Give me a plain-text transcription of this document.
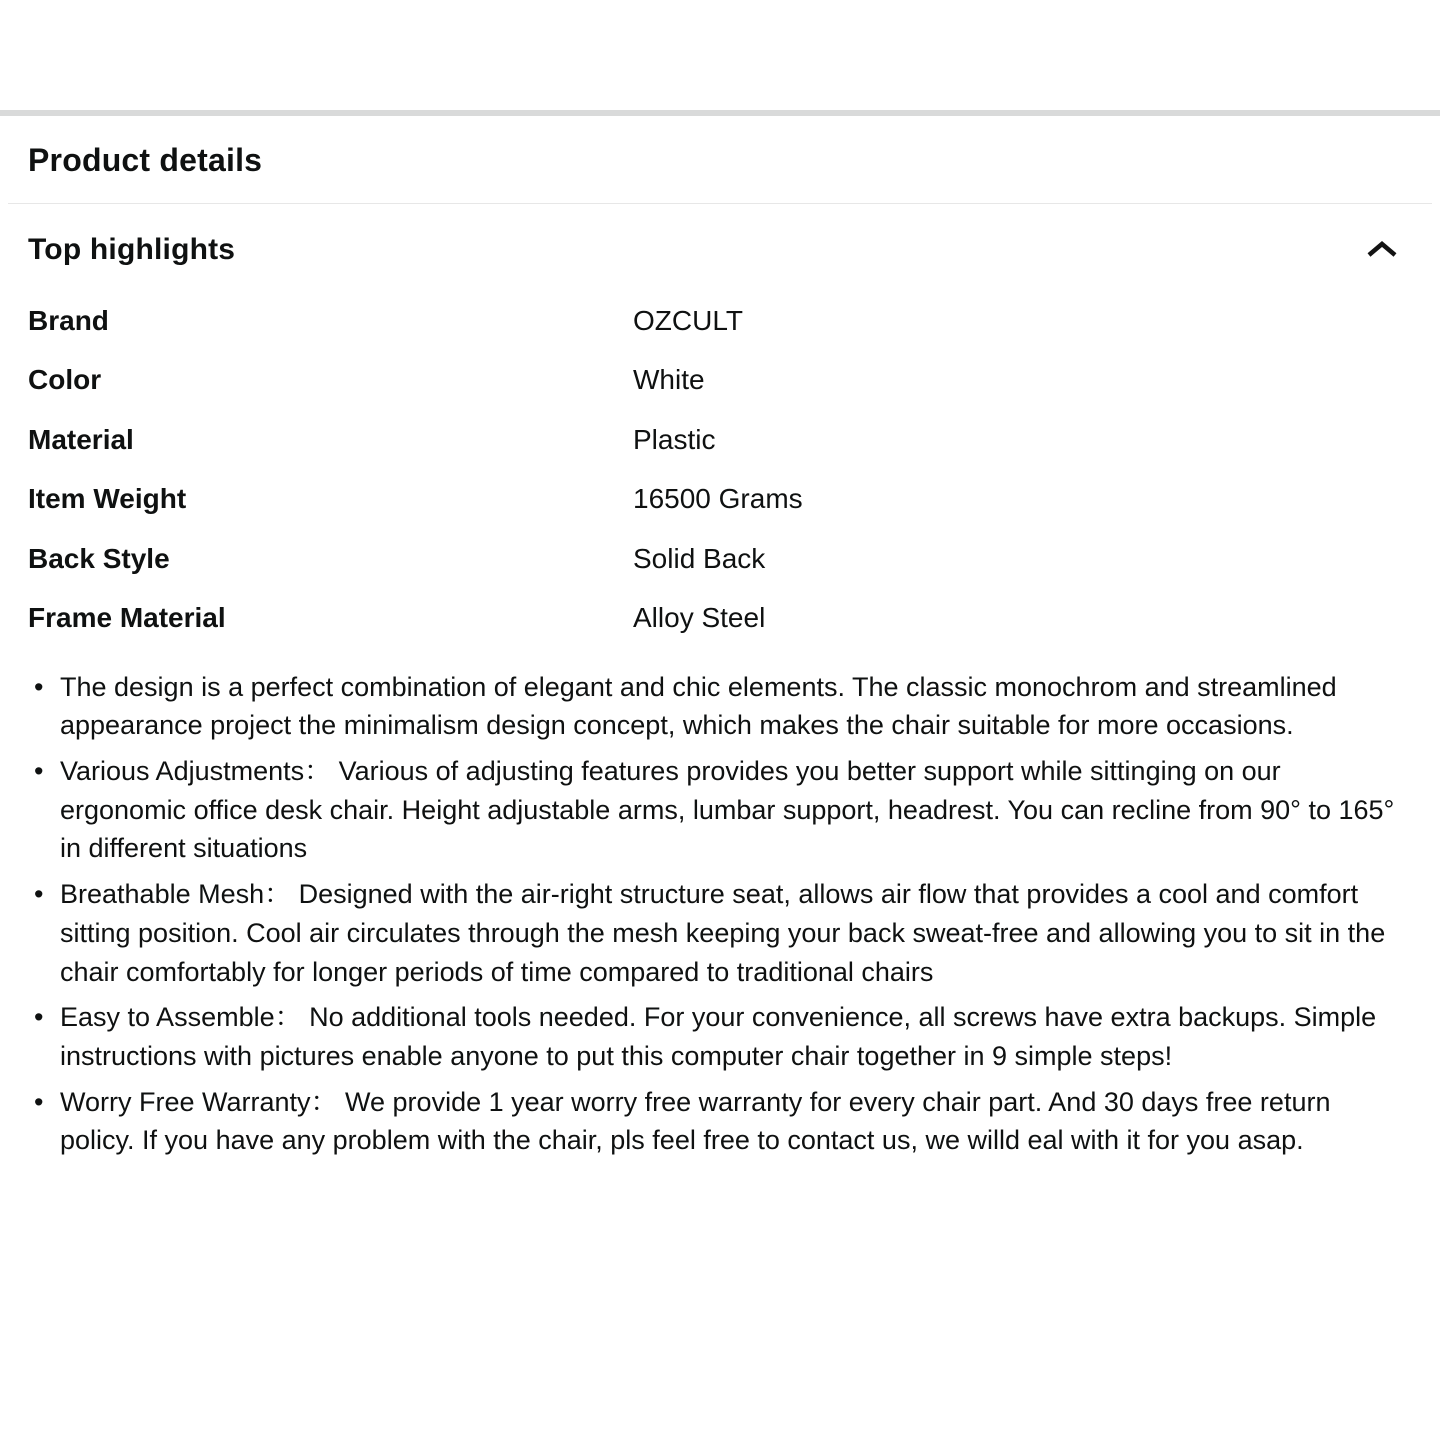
Product details
Top highlights
Brand	OZCULT
Color	White
Material	Plastic
Item Weight	16500 Grams
Back Style	Solid Back
Frame Material	Alloy Steel
• The design is a perfect combination of elegant and chic elements. The classic monochrom and streamlined appearance project the minimalism design concept, which makes the chair suitable for more occasions.
• Various Adjustments： Various of adjusting features provides you better support while sittinging on our ergonomic office desk chair. Height adjustable arms, lumbar support, headrest. You can recline from 90° to 165° in different situations
• Breathable Mesh： Designed with the air-right structure seat, allows air flow that provides a cool and comfort sitting position. Cool air circulates through the mesh keeping your back sweat-free and allowing you to sit in the chair comfortably for longer periods of time compared to traditional chairs
• Easy to Assemble： No additional tools needed. For your convenience, all screws have extra backups. Simple instructions with pictures enable anyone to put this computer chair together in 9 simple steps!
• Worry Free Warranty： We provide 1 year worry free warranty for every chair part. And 30 days free return policy. If you have any problem with the chair, pls feel free to contact us, we willd eal with it for you asap.
